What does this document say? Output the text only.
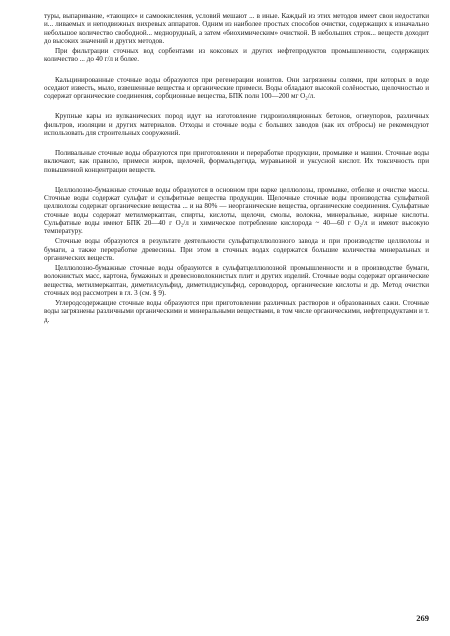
туры, выпаривание, «тающих» и самоокисления, условий мешают ... в иные. Каждый из этих методов имеет свои недостатки и... ливаемых и неподвижных вихревых аппаратов. Одним из наиболее простых способов очистки, содержащих к изначально небольшое количество свободной... меднорудный, а затем «биохимическим» очисткой. В небольших строк... веществ доходит до высоких значений и других методов.

При фильтрации сточных вод сорбентами из коксовых и других нефтепродуктов промышленности, содержащих количество ... до 40 г/л и более.

Кальцинированные сточные воды образуются при регенерации ионитов. Они загрязнены солями, при которых в воде оседают известь, мыло, взвешенные вещества и органические примеси. Воды обладают высокой солёностью, щелочностью и содержат органические соединения, сорбционные вещества, БПК полн 100—200 мг О₂/л.

Крупные кары из вулканических пород идут на изготовление гидроизоляционных бетонов, огнеупоров, различных фильтров, изоляции и других материалов. Отходы и сточные воды с больших заводов (как их отбросы) не рекомендуют использовать для строительных сооружений.

Поливальные сточные воды образуются при приготовлении и переработке продукции, промывке и машин. Сточные воды включают, как правило, примеси жиров, щелочей, формальдегида, муравьиной и уксусной кислот. Их токсичность при повышенной концентрации веществ.

Целлюлозно-бумажные сточные воды образуются в основном при варке целлюлозы, промывке, отбелке и очистке массы. Сточные воды содержат сульфат и сульфитные вещества продукции. Щелочные сточные воды производства сульфатной целлюлозы содержат органические вещества ... и на 80% — неорганические вещества, органические соединения. Сульфатные сточные воды содержат метилмеркаптан, спирты, кислоты, щелочи, смолы, волокна, минеральные, жирные кислоты. Сульфатные воды имеют БПК 20—40 г О₂/л и химическое потребление кислорода ~ 40—60 г О₂/л и имеют высокую температуру.

Сточные воды образуются в результате деятельности сульфатцеллюлозного завода и при производстве целлюлозы и бумаги, а также переработке древесины. При этом в сточных водах содержатся большие количества минеральных и органических веществ.

Целлюлозно-бумажные сточные воды образуются в сульфатцеллюлозной промышленности и в производстве бумаги, волокнистых масс, картона, бумажных и древесноволокнистых плит и других изделий. Сточные воды содержат органические вещества, метилмеркаптан, диметилсульфид, диметилдисульфид, сероводород, органические кислоты и др. Метод очистки сточных вод рассмотрен в гл. 3 (см. § 9).

Углеродсодержащие сточные воды образуются при приготовлении различных растворов и образованных сажи. Сточные воды загрязнены различными органическими и минеральными веществами, в том числе органическими, нефтепродуктами и т. д.

269
